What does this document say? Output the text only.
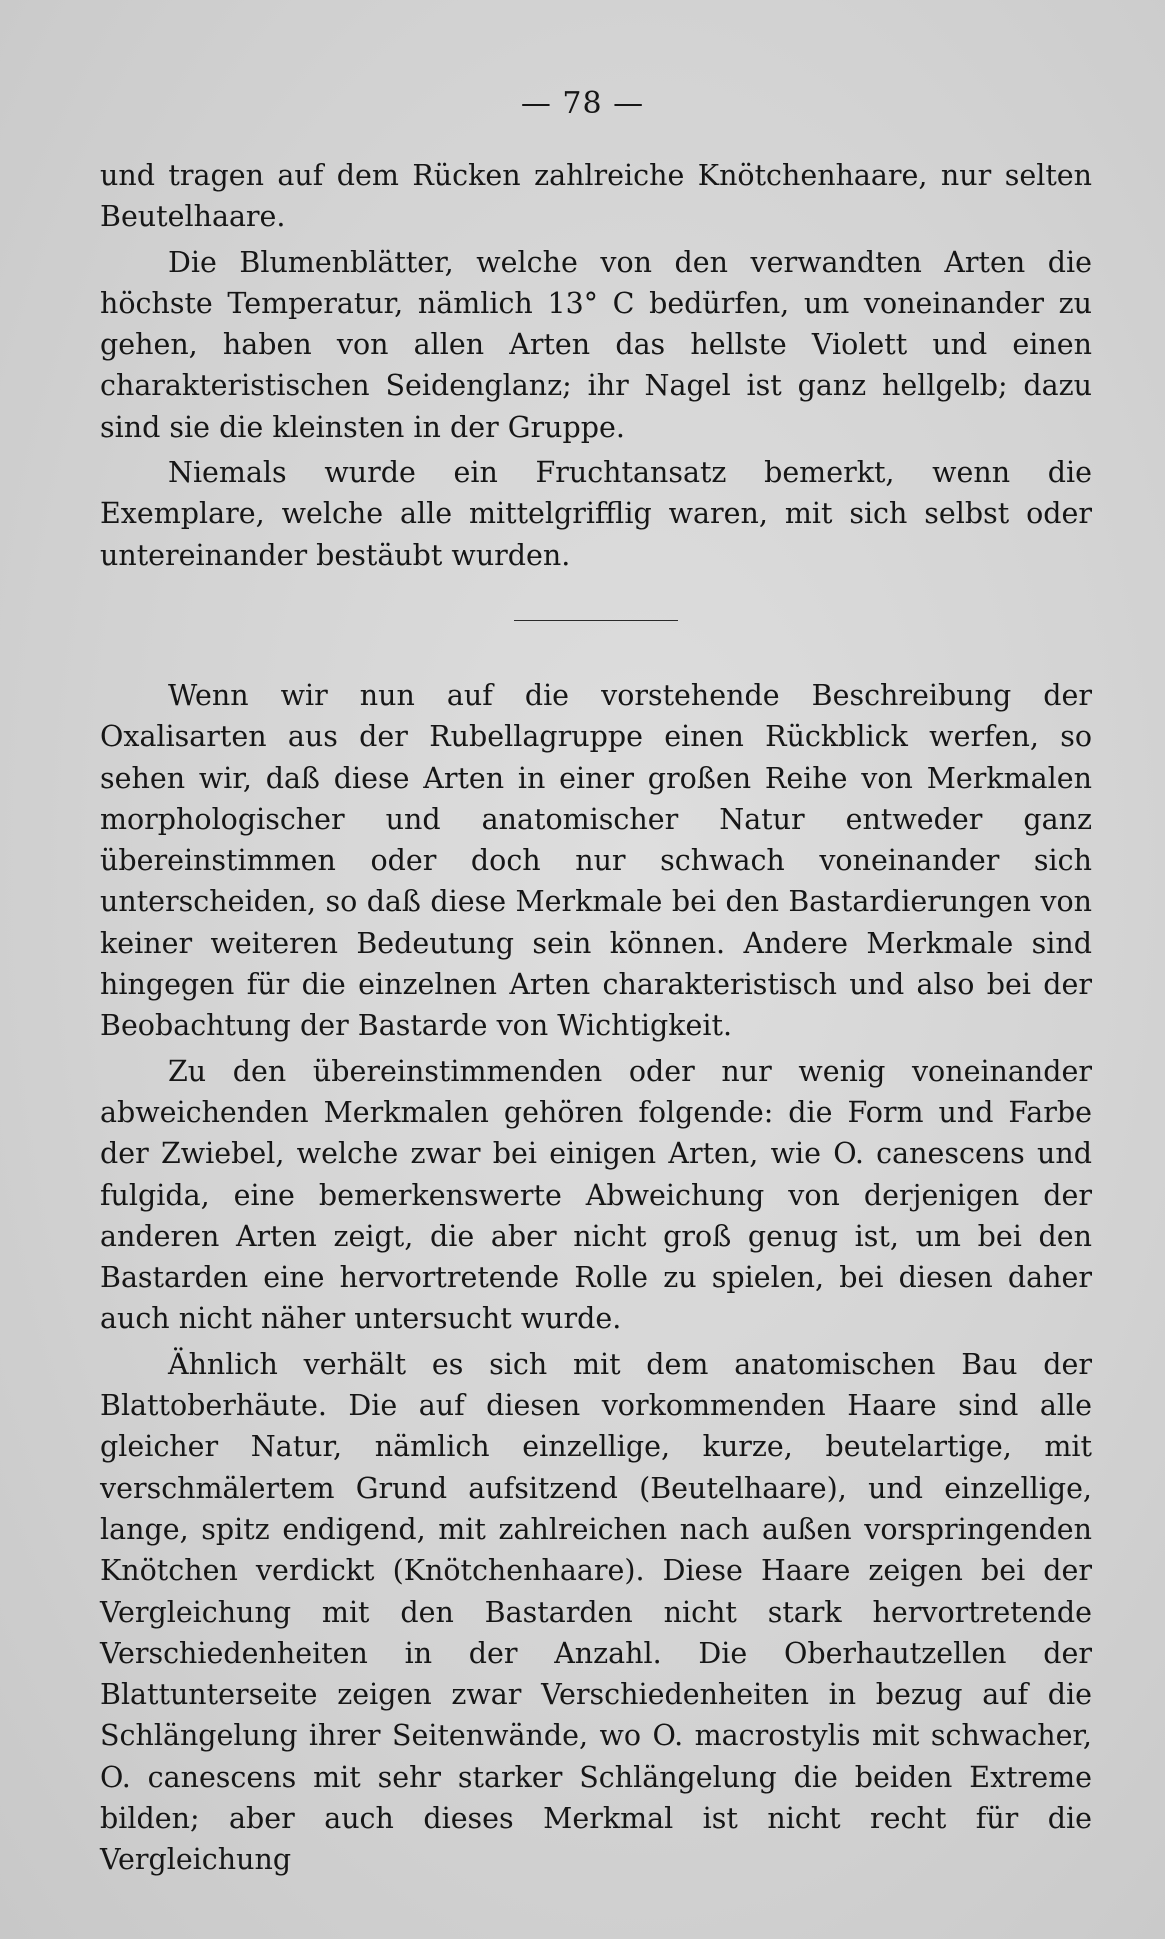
— 78 —

und tragen auf dem Rücken zahlreiche Knötchenhaare, nur selten Beutelhaare.

Die Blumenblätter, welche von den verwandten Arten die höchste Temperatur, nämlich 13° C bedürfen, um voneinander zu gehen, haben von allen Arten das hellste Violett und einen charakteristischen Seidenglanz; ihr Nagel ist ganz hellgelb; dazu sind sie die kleinsten in der Gruppe.

Niemals wurde ein Fruchtansatz bemerkt, wenn die Exemplare, welche alle mittelgrifflig waren, mit sich selbst oder untereinander bestäubt wurden.

Wenn wir nun auf die vorstehende Beschreibung der Oxalisarten aus der Rubellagruppe einen Rückblick werfen, so sehen wir, daß diese Arten in einer großen Reihe von Merkmalen morphologischer und anatomischer Natur entweder ganz übereinstimmen oder doch nur schwach voneinander sich unterscheiden, so daß diese Merkmale bei den Bastardierungen von keiner weiteren Bedeutung sein können. Andere Merkmale sind hingegen für die einzelnen Arten charakteristisch und also bei der Beobachtung der Bastarde von Wichtigkeit.

Zu den übereinstimmenden oder nur wenig voneinander abweichenden Merkmalen gehören folgende: die Form und Farbe der Zwiebel, welche zwar bei einigen Arten, wie O. canescens und fulgida, eine bemerkenswerte Abweichung von derjenigen der anderen Arten zeigt, die aber nicht groß genug ist, um bei den Bastarden eine hervortretende Rolle zu spielen, bei diesen daher auch nicht näher untersucht wurde.

Ähnlich verhält es sich mit dem anatomischen Bau der Blattoberhäute. Die auf diesen vorkommenden Haare sind alle gleicher Natur, nämlich einzellige, kurze, beutelartige, mit verschmälertem Grund aufsitzend (Beutelhaare), und einzellige, lange, spitz endigend, mit zahlreichen nach außen vorspringenden Knötchen verdickt (Knötchenhaare). Diese Haare zeigen bei der Vergleichung mit den Bastarden nicht stark hervortretende Verschiedenheiten in der Anzahl. Die Oberhautzellen der Blattunterseite zeigen zwar Verschiedenheiten in bezug auf die Schlängelung ihrer Seitenwände, wo O. macrostylis mit schwacher, O. canescens mit sehr starker Schlängelung die beiden Extreme bilden; aber auch dieses Merkmal ist nicht recht für die Vergleichung
